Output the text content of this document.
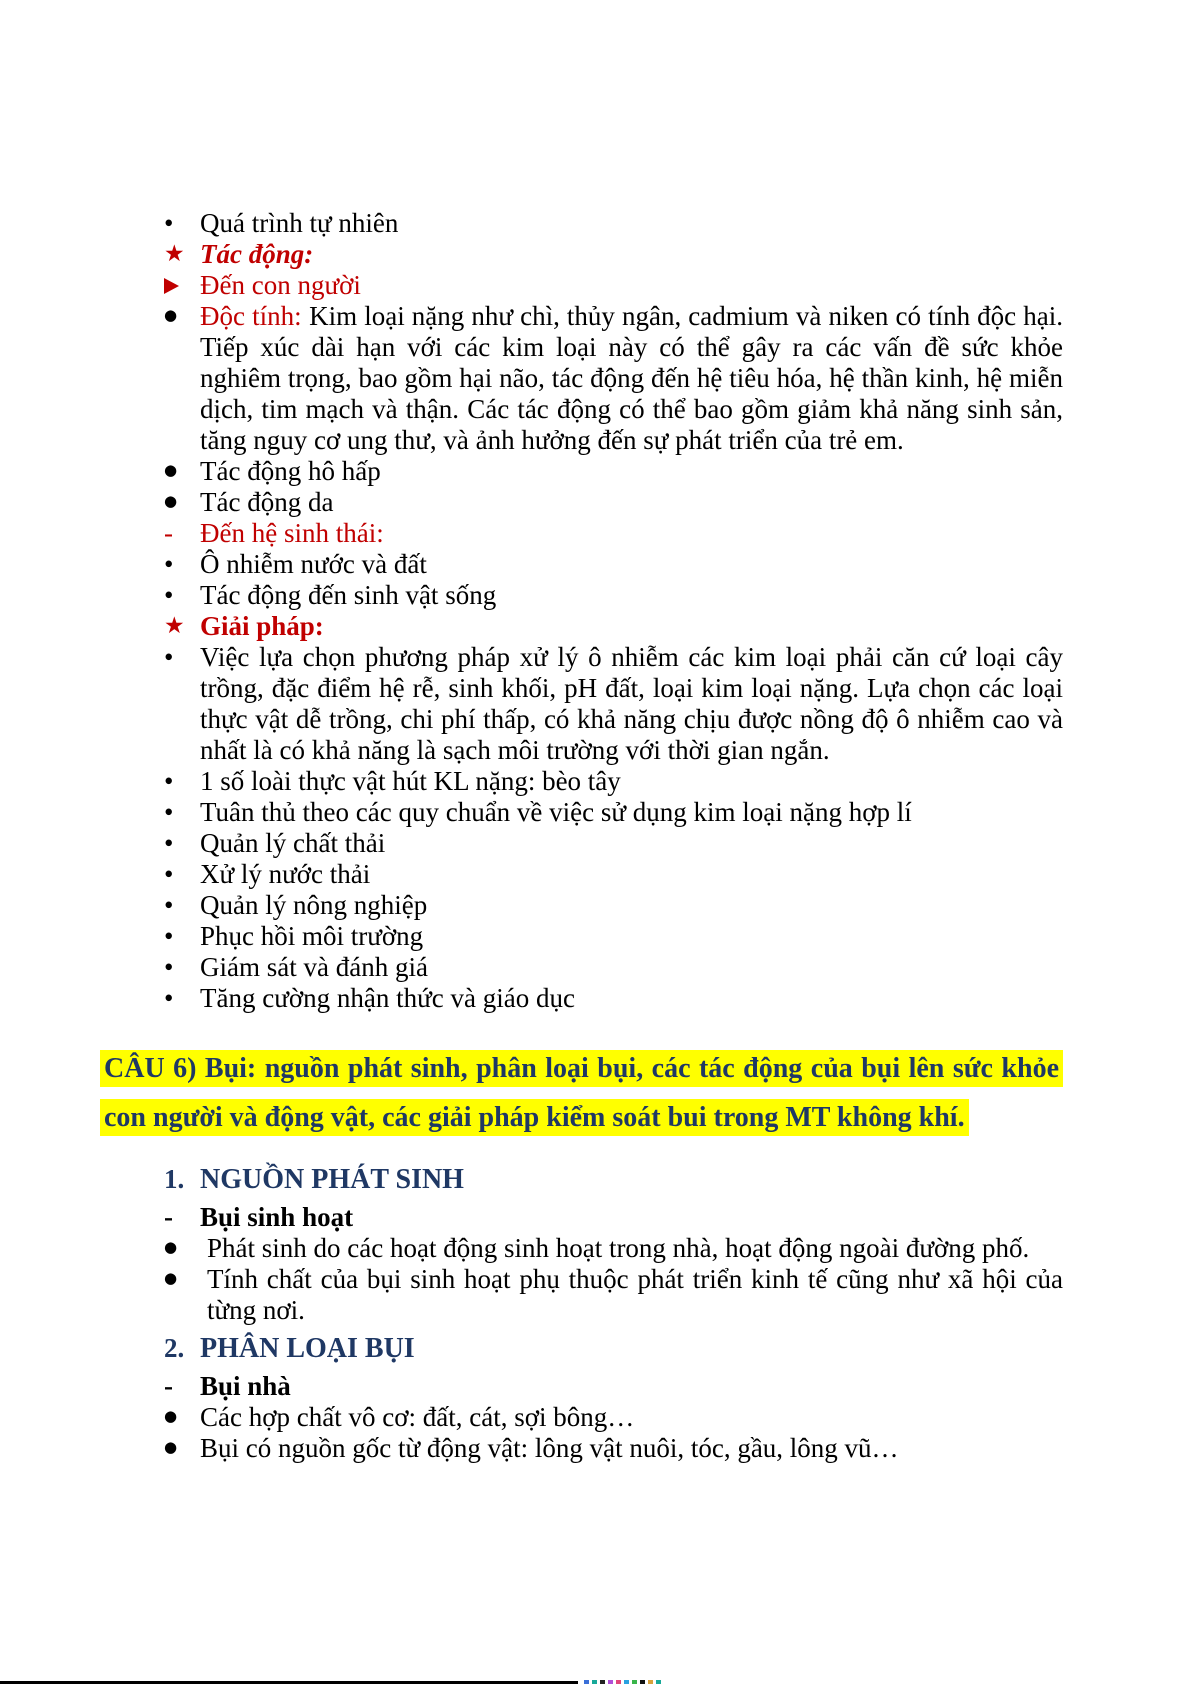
• Quá trình tự nhiên
★ Tác động:
Đến con người
● Độc tính: Kim loại nặng như chì, thủy ngân, cadmium và niken có tính độc hại. Tiếp xúc dài hạn với các kim loại này có thể gây ra các vấn đề sức khỏe nghiêm trọng, bao gồm hại não, tác động đến hệ tiêu hóa, hệ thần kinh, hệ miễn dịch, tim mạch và thận. Các tác động có thể bao gồm giảm khả năng sinh sản, tăng nguy cơ ung thư, và ảnh hưởng đến sự phát triển của trẻ em.
● Tác động hô hấp
● Tác động da
-	Đến hệ sinh thái:
• Ô nhiễm nước và đất
• Tác động đến sinh vật sống
★ Giải pháp:
• Việc lựa chọn phương pháp xử lý ô nhiễm các kim loại phải căn cứ loại cây trồng, đặc điểm hệ rễ, sinh khối, pH đất, loại kim loại nặng. Lựa chọn các loại thực vật dễ trồng, chi phí thấp, có khả năng chịu được nồng độ ô nhiễm cao và nhất là có khả năng là sạch môi trường với thời gian ngắn.
• 1 số loài thực vật hút KL nặng: bèo tây
• Tuân thủ theo các quy chuẩn về việc sử dụng kim loại nặng hợp lí
• Quản lý chất thải
• Xử lý nước thải
• Quản lý nông nghiệp
• Phục hồi môi trường
• Giám sát và đánh giá
• Tăng cường nhận thức và giáo dục
CÂU 6) Bụi: nguồn phát sinh, phân loại bụi, các tác động của bụi lên sức khỏe con người và động vật, các giải pháp kiểm soát bui trong MT không khí.
1. NGUỒN PHÁT SINH
-	Bụi sinh hoạt
●	Phát sinh do các hoạt động sinh hoạt trong nhà, hoạt động ngoài đường phố.
●	Tính chất của bụi sinh hoạt phụ thuộc phát triển kinh tế cũng như xã hội của từng nơi.
2. PHÂN LOẠI BỤI
-	Bụi nhà
● Các hợp chất vô cơ: đất, cát, sợi bông…
● Bụi có nguồn gốc từ động vật: lông vật nuôi, tóc, gầu, lông vũ…
